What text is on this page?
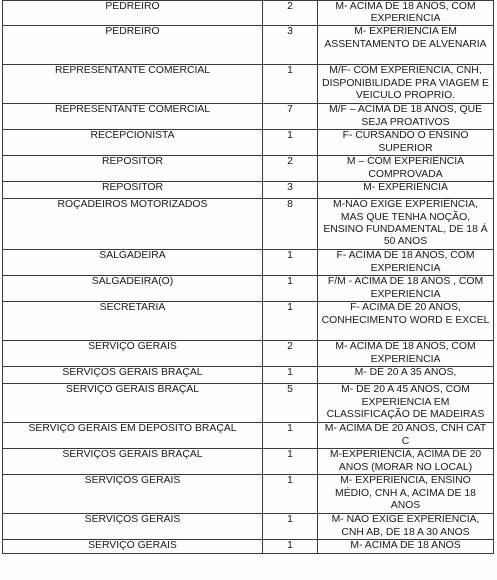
PEDREIRO	2	M- ACIMA DE 18 ANOS, COM EXPERIENCIA
PEDREIRO	3	M- EXPERIENCIA EM ASSENTAMENTO DE ALVENARIA
REPRESENTANTE COMERCIAL	1	M/F- COM EXPERIÊNCIA, CNH, DISPONIBILIDADE PRA VIAGEM E VEICULO PROPRIO.
REPRESENTANTE COMERCIAL	7	M/F – ACIMA DE 18 ANOS, QUE SEJA PROATIVOS
RECEPCIONISTA	1	F- CURSANDO O ENSINO SUPERIOR
REPOSITOR	2	M – COM EXPERIÊNCIA COMPROVADA
REPOSITOR	3	M- EXPERIÊNCIA
ROÇADEIROS MOTORIZADOS	8	M-NÃO EXIGE EXPERIÊNCIA, MAS QUE TENHA NOÇÃO, ENSINO FUNDAMENTAL, DE 18 Á 50 ANOS
SALGADEIRA	1	F- ACIMA DE 18 ANOS, COM EXPERIENCIA
SALGADEIRA(O)	1	F/M - ACIMA DE 18 ANOS , COM EXPERIENCIA
SECRETARIA	1	F- ACIMA DE 20 ANOS, CONHECIMENTO WORD E EXCEL
SERVIÇO GERAIS	2	M- ACIMA DE 18 ANOS, COM EXPERIENCIA
SERVIÇOS GERAIS BRAÇAL	1	M- DE 20 A 35 ANOS,
SERVIÇO GERAIS BRAÇAL	5	M- DE 20 A 45 ANOS, COM EXPERIENCIA EM CLASSIFICAÇÃO DE MADEIRAS
SERVIÇO GERAIS EM DEPOSITO BRAÇAL	1	M- ACIMA DE 20 ANOS, CNH CAT C
SERVIÇOS GERAIS BRAÇAL	1	M-EXPERIÊNCIA, ACIMA DE 20 ANOS (MORAR NO LOCAL)
SERVIÇOS GERAIS	1	M- EXPERIENCIA, ENSINO MÉDIO, CNH A, ACIMA DE 18 ANOS
SERVIÇOS GERAIS	1	M- NÃO EXIGE EXPERIÊNCIA, CNH AB, DE 18 A 30 ANOS
SERVIÇO GERAIS	1	M- ACIMA DE 18 ANOS
